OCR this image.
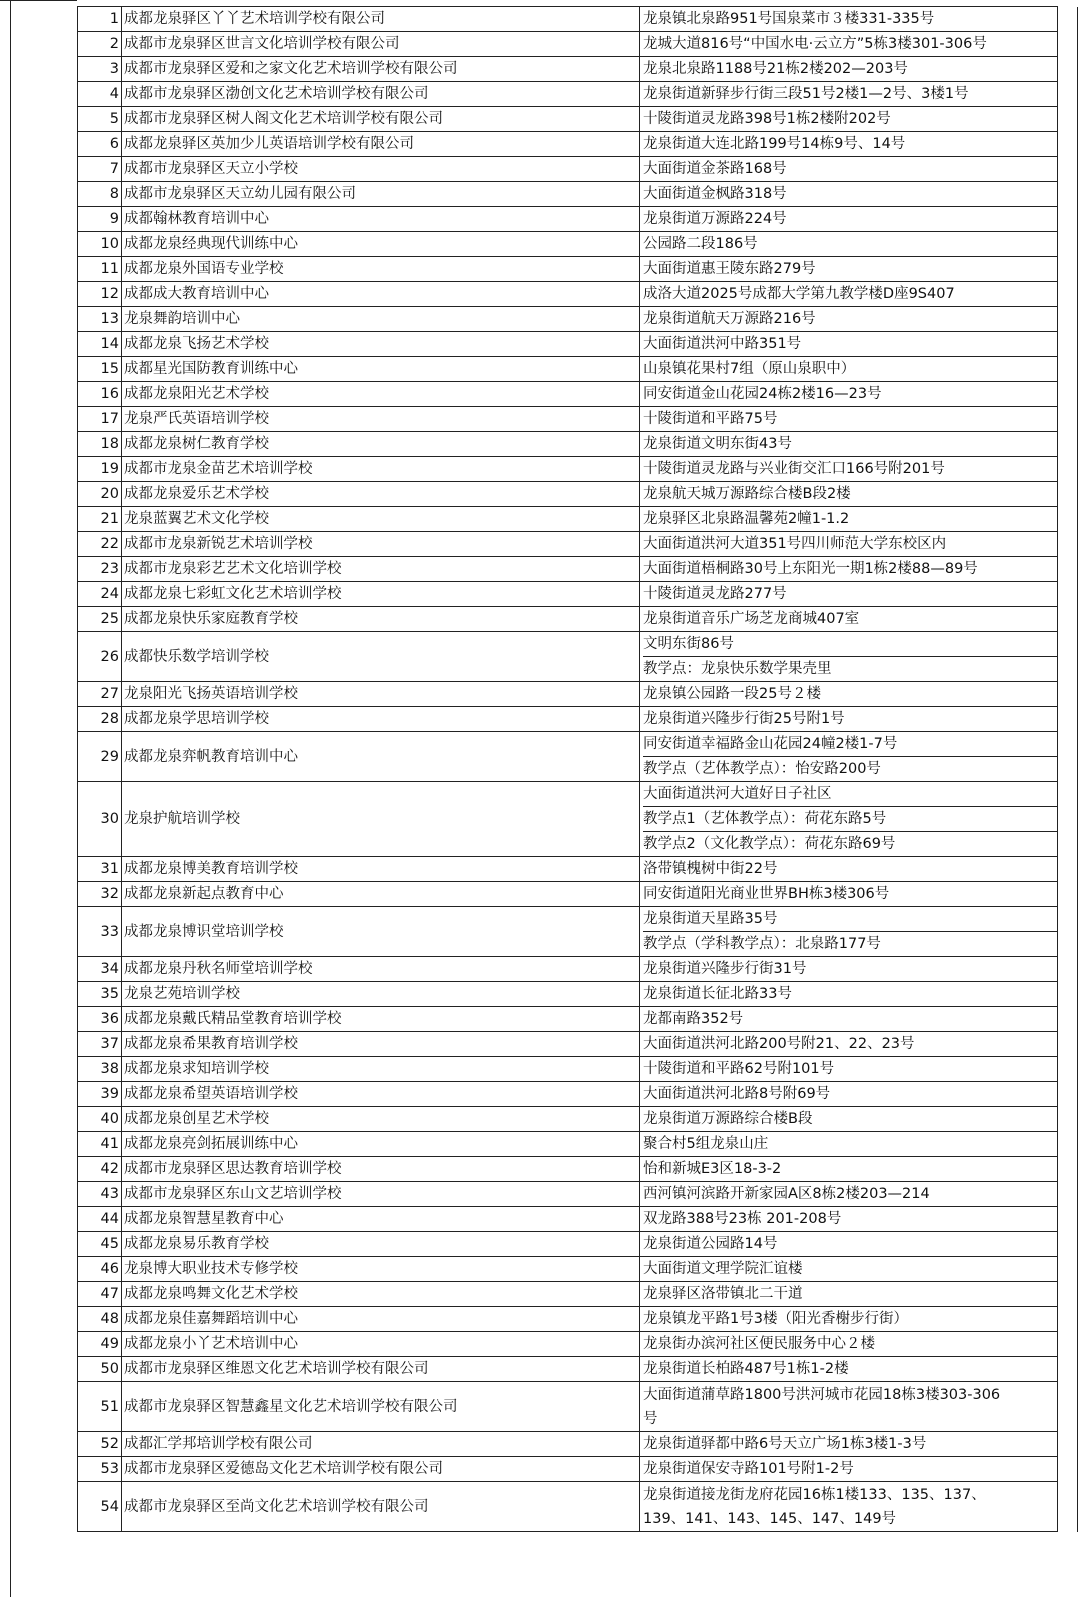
1	成都龙泉驿区丫丫艺术培训学校有限公司	龙泉镇北泉路951号国泉菜市３楼331-335号	

2	成都市龙泉驿区世言文化培训学校有限公司	龙城大道816号“中国水电·云立方”5栋3楼301-306号	

3	成都市龙泉驿区爱和之家文化艺术培训学校有限公司	龙泉北泉路1188号21栋2楼202—203号	

4	成都市龙泉驿区渤创文化艺术培训学校有限公司	龙泉街道新驿步行街三段51号2楼1—2号、3楼1号	

5	成都市龙泉驿区树人阁文化艺术培训学校有限公司	十陵街道灵龙路398号1栋2楼附202号	

6	成都龙泉驿区英加少儿英语培训学校有限公司	龙泉街道大连北路199号14栋9号、14号	

7	成都市龙泉驿区天立小学校	大面街道金茶路168号	

8	成都市龙泉驿区天立幼儿园有限公司	大面街道金枫路318号	

9	成都翰林教育培训中心	龙泉街道万源路224号	

10	成都龙泉经典现代训练中心	公园路二段186号	

11	成都龙泉外国语专业学校	大面街道惠王陵东路279号	

12	成都成大教育培训中心	成洛大道2025号成都大学第九教学楼D座9S407	

13	龙泉舞韵培训中心	龙泉街道航天万源路216号	

14	成都龙泉飞扬艺术学校	大面街道洪河中路351号	

15	成都星光国防教育训练中心	山泉镇花果村7组（原山泉职中）	

16	成都龙泉阳光艺术学校	同安街道金山花园24栋2楼16—23号	

17	龙泉严氏英语培训学校	十陵街道和平路75号	

18	成都龙泉树仁教育学校	龙泉街道文明东街43号	

19	成都市龙泉金苗艺术培训学校	十陵街道灵龙路与兴业街交汇口166号附201号	

20	成都龙泉爱乐艺术学校	龙泉航天城万源路综合楼B段2楼	

21	龙泉蓝翼艺术文化学校	龙泉驿区北泉路温馨苑2幢1-1.2	

22	成都市龙泉新锐艺术培训学校	大面街道洪河大道351号四川师范大学东校区内	

23	成都市龙泉彩艺艺术文化培训学校	大面街道梧桐路30号上东阳光一期1栋2楼88—89号	

24	成都龙泉七彩虹文化艺术培训学校	十陵街道灵龙路277号	

25	成都龙泉快乐家庭教育学校	龙泉街道音乐广场芝龙商城407室	

26	成都快乐数学培训学校	文明东街86号
教学点：龙泉快乐数学果壳里	

27	龙泉阳光飞扬英语培训学校	龙泉镇公园路一段25号２楼	

28	成都龙泉学思培训学校	龙泉街道兴隆步行街25号附1号	

29	成都龙泉弈帆教育培训中心	同安街道幸福路金山花园24幢2楼1-7号
教学点（艺体教学点）：怡安路200号	

30	龙泉护航培训学校	大面街道洪河大道好日子社区
教学点1（艺体教学点）：荷花东路5号
教学点2（文化教学点）：荷花东路69号	

31	成都龙泉博美教育培训学校	洛带镇槐树中街22号	

32	成都龙泉新起点教育中心	同安街道阳光商业世界BH栋3楼306号	

33	成都龙泉博识堂培训学校	龙泉街道天星路35号
教学点（学科教学点）：北泉路177号	

34	成都龙泉丹秋名师堂培训学校	龙泉街道兴隆步行街31号	

35	龙泉艺苑培训学校	龙泉街道长征北路33号	

36	成都龙泉戴氏精品堂教育培训学校	龙都南路352号	

37	成都龙泉希果教育培训学校	大面街道洪河北路200号附21、22、23号	

38	成都龙泉求知培训学校	十陵街道和平路62号附101号	

39	成都龙泉希望英语培训学校	大面街道洪河北路8号附69号	

40	成都龙泉创星艺术学校	龙泉街道万源路综合楼B段	

41	成都龙泉亮剑拓展训练中心	聚合村5组龙泉山庄	

42	成都市龙泉驿区思达教育培训学校	怡和新城E3区18-3-2	

43	成都市龙泉驿区东山文艺培训学校	西河镇河滨路开新家园A区8栋2楼203—214	

44	成都龙泉智慧星教育中心	双龙路388号23栋 201-208号	

45	成都龙泉易乐教育学校	龙泉街道公园路14号	

46	龙泉博大职业技术专修学校	大面街道文理学院汇谊楼	

47	成都龙泉鸣舞文化艺术学校	龙泉驿区洛带镇北二干道	

48	成都龙泉佳嘉舞蹈培训中心	龙泉镇龙平路1号3楼（阳光香榭步行街）	

49	成都龙泉小丫艺术培训中心	龙泉街办滨河社区便民服务中心２楼	

50	成都市龙泉驿区维恩文化艺术培训学校有限公司	龙泉街道长柏路487号1栋1-2楼	

51	成都市龙泉驿区智慧鑫星文化艺术培训学校有限公司	大面街道蒲草路1800号洪河城市花园18栋3楼303-306
号	

52	成都汇学邦培训学校有限公司	龙泉街道驿都中路6号天立广场1栋3楼1-3号	

53	成都市龙泉驿区爱德岛文化艺术培训学校有限公司	龙泉街道保安寺路101号附1-2号	

54	成都市龙泉驿区至尚文化艺术培训学校有限公司	龙泉街道接龙街龙府花园16栋1楼133、135、137、
139、141、143、145、147、149号	
